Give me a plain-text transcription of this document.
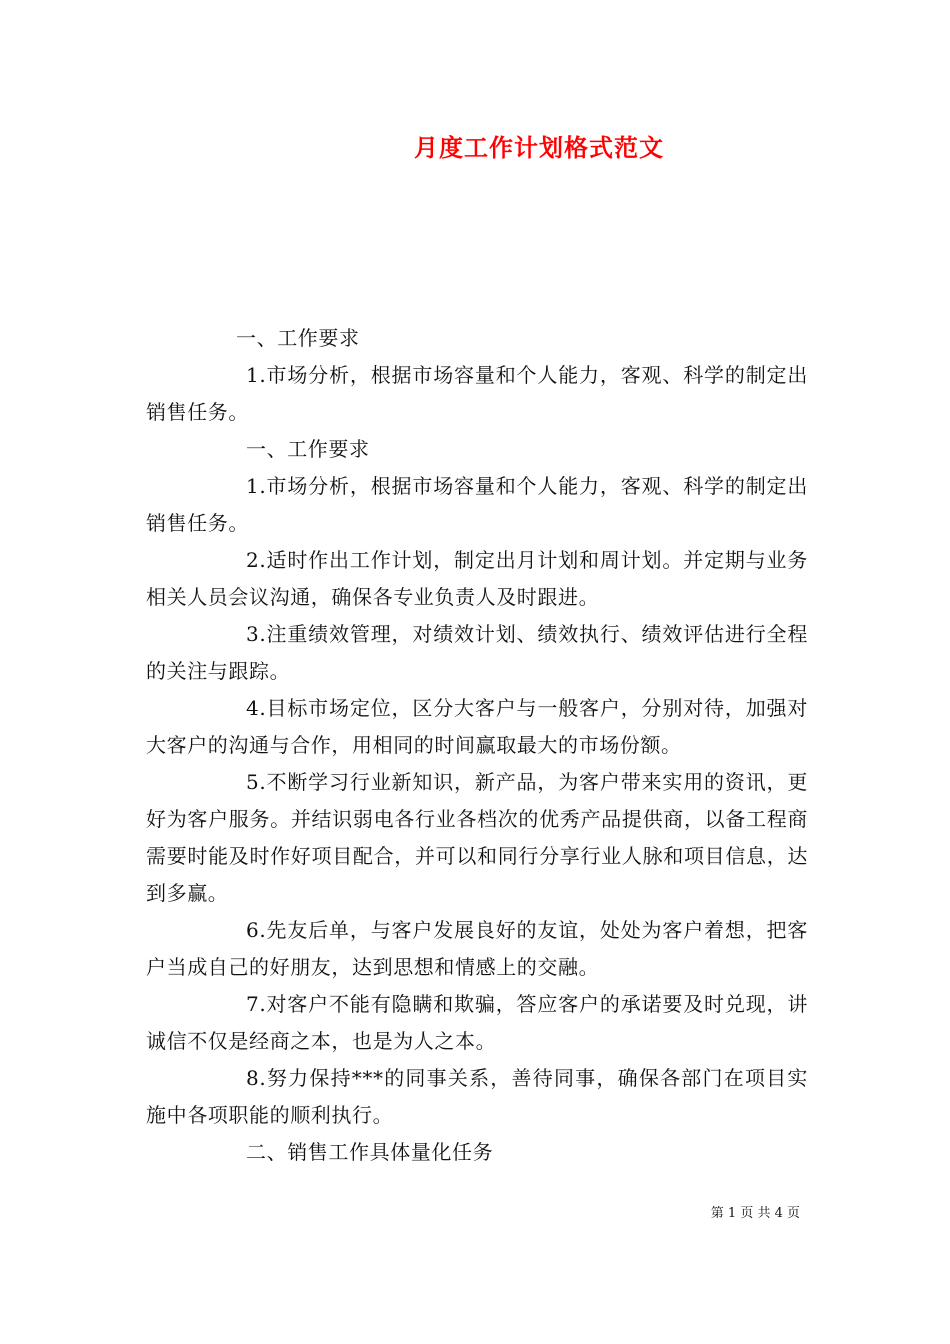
月度工作计划格式范文

一、工作要求

1.市场分析，根据市场容量和个人能力，客观、科学的制定出销售任务。

一、工作要求

1.市场分析，根据市场容量和个人能力，客观、科学的制定出销售任务。

2.适时作出工作计划，制定出月计划和周计划。并定期与业务相关人员会议沟通，确保各专业负责人及时跟进。

3.注重绩效管理，对绩效计划、绩效执行、绩效评估进行全程的关注与跟踪。

4.目标市场定位，区分大客户与一般客户，分别对待，加强对大客户的沟通与合作，用相同的时间赢取最大的市场份额。

5.不断学习行业新知识，新产品，为客户带来实用的资讯，更好为客户服务。并结识弱电各行业各档次的优秀产品提供商，以备工程商需要时能及时作好项目配合，并可以和同行分享行业人脉和项目信息，达到多赢。

6.先友后单，与客户发展良好的友谊，处处为客户着想，把客户当成自己的好朋友，达到思想和情感上的交融。

7.对客户不能有隐瞒和欺骗，答应客户的承诺要及时兑现，讲诚信不仅是经商之本，也是为人之本。

8.努力保持***的同事关系，善待同事，确保各部门在项目实施中各项职能的顺利执行。

二、销售工作具体量化任务

第 1 页 共 4 页
